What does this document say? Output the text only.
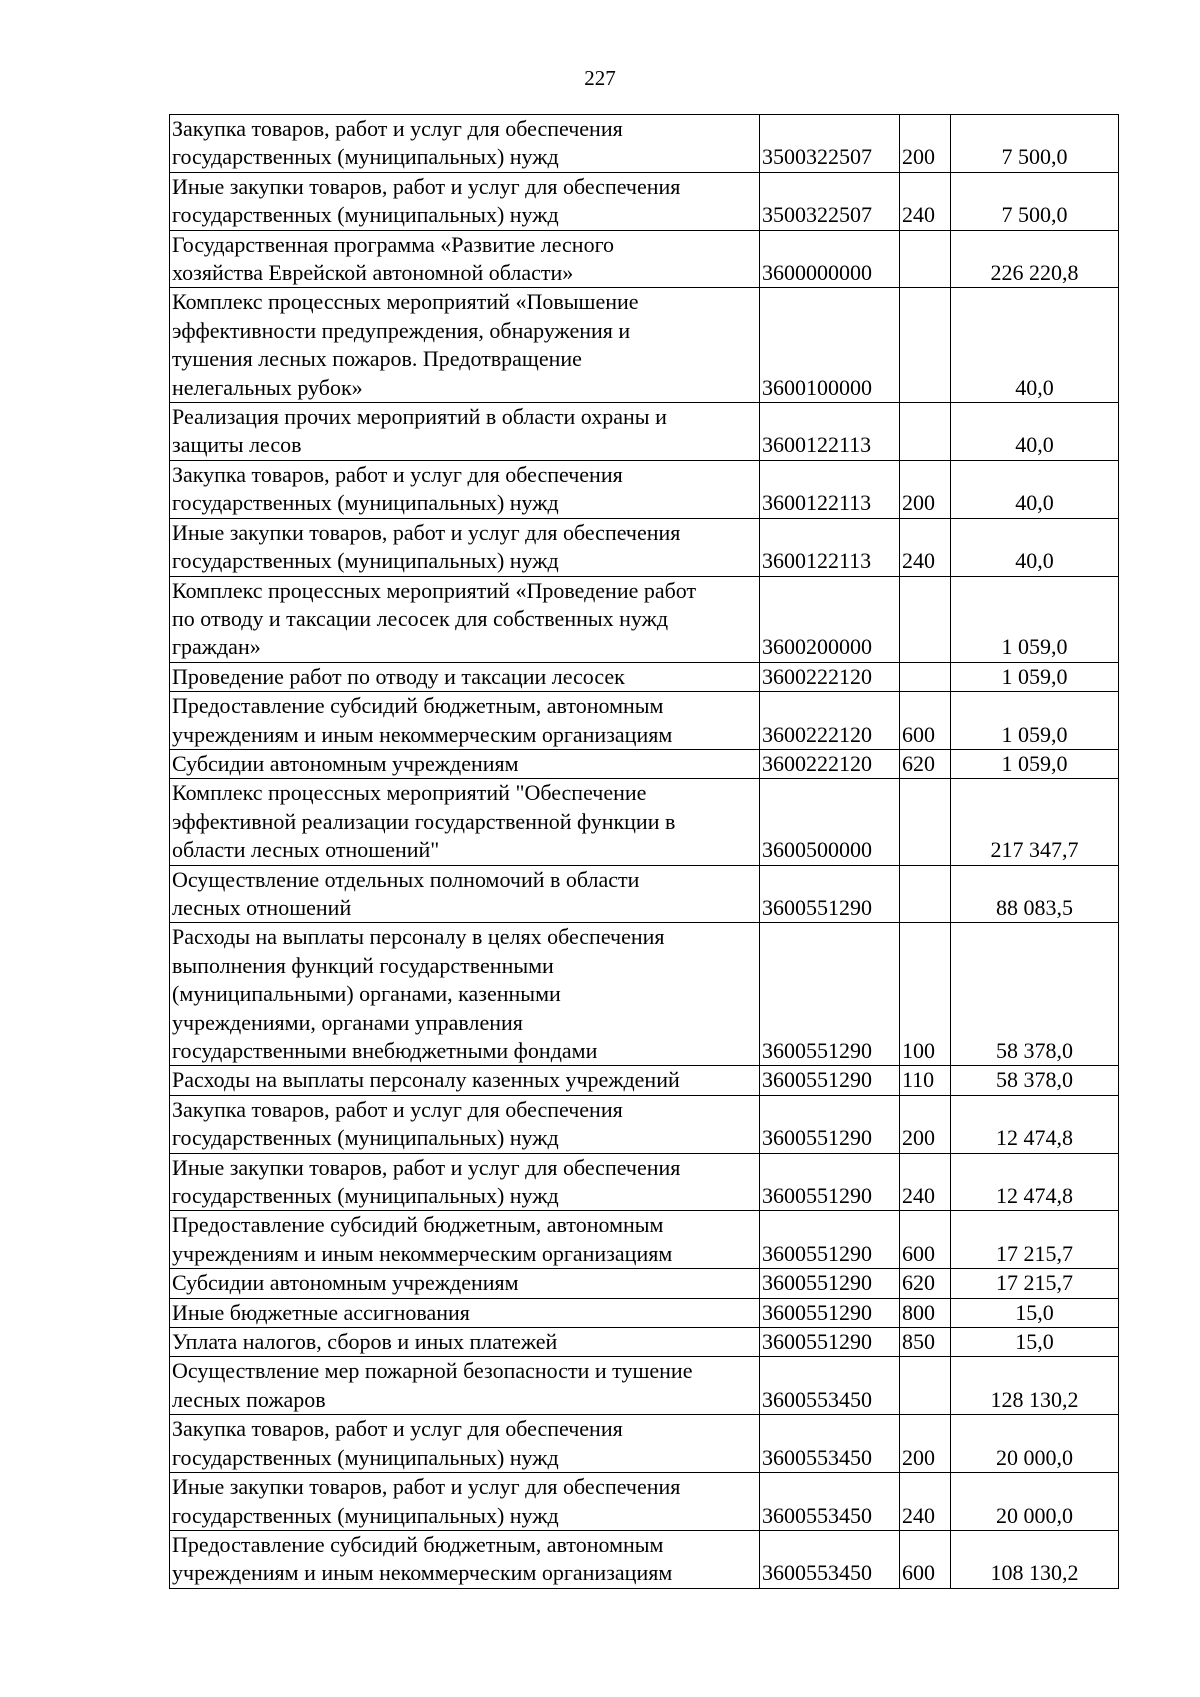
227
Закупка товаров, работ и услуг для обеспечения
государственных (муниципальных) нужд	3500322507	200	7 500,0

Иные закупки товаров, работ и услуг для обеспечения
государственных (муниципальных) нужд	3500322507	240	7 500,0

Государственная программа «Развитие лесного
хозяйства Еврейской автономной области»	3600000000		226 220,8

Комплекс процессных мероприятий «Повышение
эффективности предупреждения, обнаружения и
тушения лесных пожаров. Предотвращение
нелегальных рубок»	3600100000		40,0

Реализация прочих мероприятий в области охраны и
защиты лесов	3600122113		40,0

Закупка товаров, работ и услуг для обеспечения
государственных (муниципальных) нужд	3600122113	200	40,0

Иные закупки товаров, работ и услуг для обеспечения
государственных (муниципальных) нужд	3600122113	240	40,0

Комплекс процессных мероприятий «Проведение работ
по отводу и таксации лесосек для собственных нужд
граждан»	3600200000		1 059,0

Проведение работ по отводу и таксации лесосек	3600222120		1 059,0

Предоставление субсидий бюджетным, автономным
учреждениям и иным некоммерческим организациям	3600222120	600	1 059,0

Субсидии автономным учреждениям	3600222120	620	1 059,0

Комплекс процессных мероприятий "Обеспечение
эффективной реализации государственной функции в
области лесных отношений"	3600500000		217 347,7

Осуществление отдельных полномочий в области
лесных отношений	3600551290		88 083,5

Расходы на выплаты персоналу в целях обеспечения
выполнения функций государственными
(муниципальными) органами, казенными
учреждениями, органами управления
государственными внебюджетными фондами	3600551290	100	58 378,0

Расходы на выплаты персоналу казенных учреждений	3600551290	110	58 378,0

Закупка товаров, работ и услуг для обеспечения
государственных (муниципальных) нужд	3600551290	200	12 474,8

Иные закупки товаров, работ и услуг для обеспечения
государственных (муниципальных) нужд	3600551290	240	12 474,8

Предоставление субсидий бюджетным, автономным
учреждениям и иным некоммерческим организациям	3600551290	600	17 215,7

Субсидии автономным учреждениям	3600551290	620	17 215,7

Иные бюджетные ассигнования	3600551290	800	15,0

Уплата налогов, сборов и иных платежей	3600551290	850	15,0

Осуществление мер пожарной безопасности и тушение
лесных пожаров	3600553450		128 130,2

Закупка товаров, работ и услуг для обеспечения
государственных (муниципальных) нужд	3600553450	200	20 000,0

Иные закупки товаров, работ и услуг для обеспечения
государственных (муниципальных) нужд	3600553450	240	20 000,0

Предоставление субсидий бюджетным, автономным
учреждениям и иным некоммерческим организациям	3600553450	600	108 130,2
